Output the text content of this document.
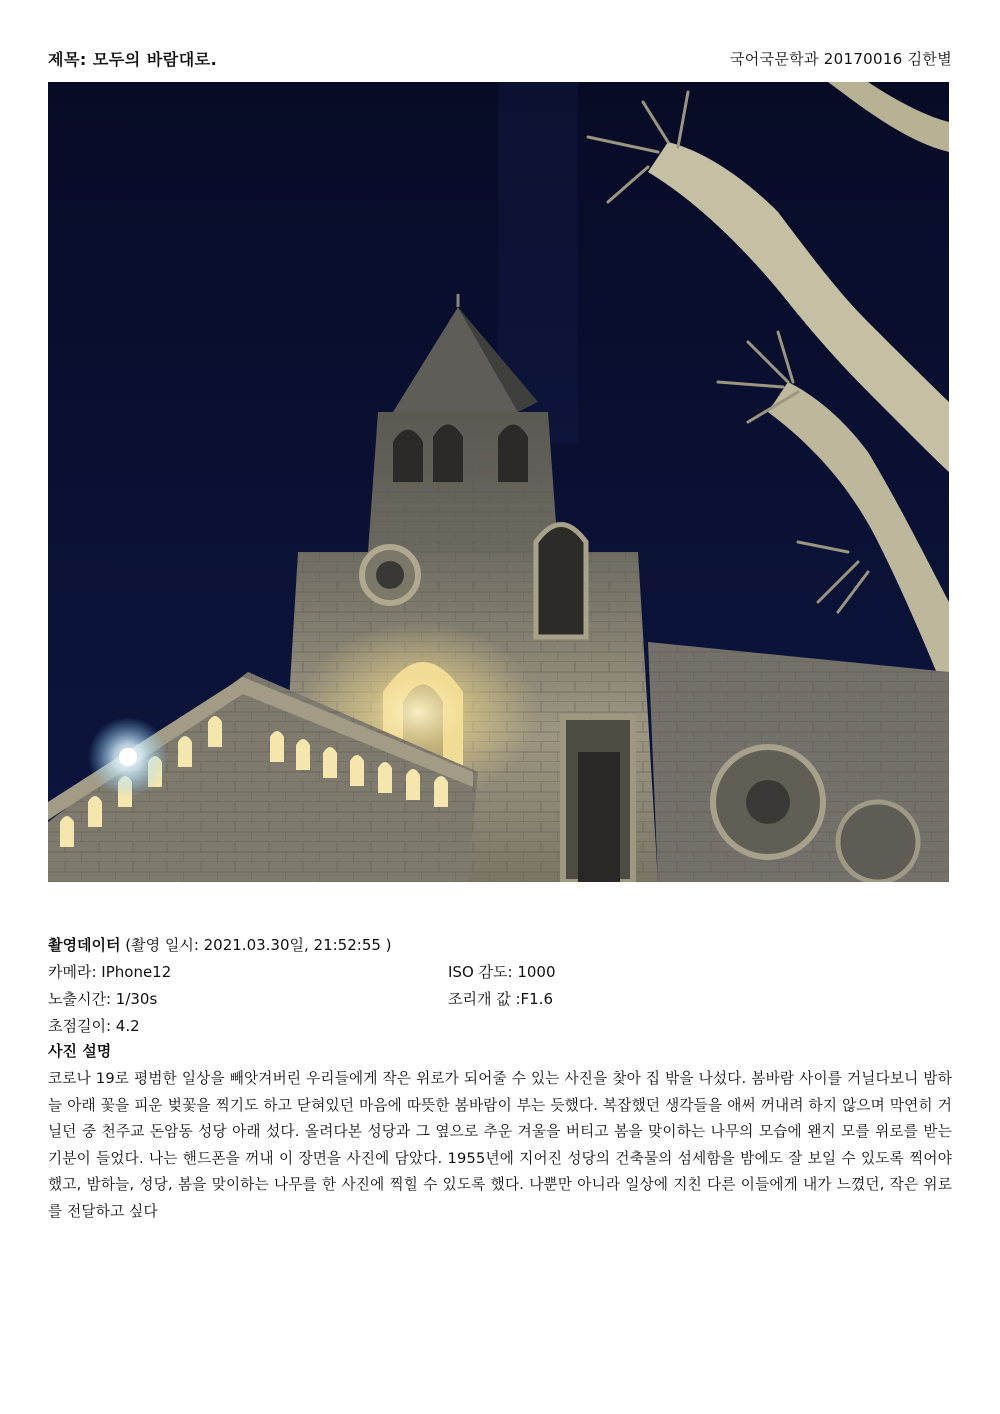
제목: 모두의 바람대로.	국어국문학과 20170016 김한별
촬영데이터 (촬영 일시: 2021.03.30일, 21:52:55 )
카메라: IPhone12	ISO 감도: 1000
노출시간: 1/30s	조리개 값 :F1.6
초점길이: 4.2
사진 설명
코로나 19로 평범한 일상을 빼앗겨버린 우리들에게 작은 위로가 되어줄 수 있는 사진을 찾아 집 밖을 나섰다. 봄바람 사이를 거닐다보니 밤하늘 아래 꽃을 피운 벚꽃을 찍기도 하고 닫혀있던 마음에 따뜻한 봄바람이 부는 듯했다. 복잡했던 생각들을 애써 꺼내려 하지 않으며 막연히 거닐던 중 천주교 돈암동 성당 아래 섰다. 올려다본 성당과 그 옆으로 추운 겨울을 버티고 봄을 맞이하는 나무의 모습에 왠지 모를 위로를 받는 기분이 들었다. 나는 핸드폰을 꺼내 이 장면을 사진에 담았다. 1955년에 지어진 성당의 건축물의 섬세함을 밤에도 잘 보일 수 있도록 찍어야했고, 밤하늘, 성당, 봄을 맞이하는 나무를 한 사진에 찍힐 수 있도록 했다. 나뿐만 아니라 일상에 지친 다른 이들에게 내가 느꼈던, 작은 위로를 전달하고 싶다
